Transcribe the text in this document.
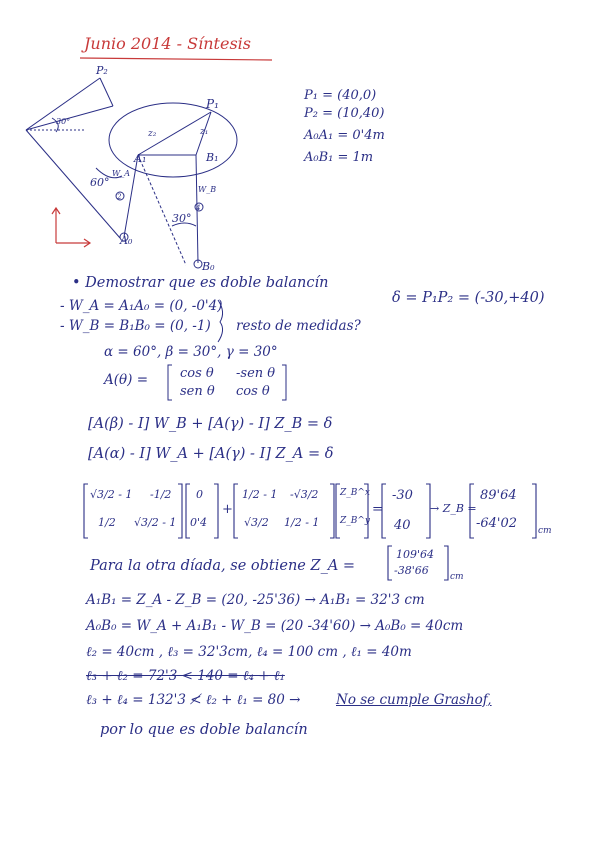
Junio 2014 - Síntesis
P₂
P₁
z₂	z₁
A₁	B₁
W_A
W_B
A₀
B₀
30°
60°
30°
2
4
P₁ = (40,0)
P₂ = (10,40)
A₀A₁ = 0'4m
A₀B₁ = 1m
• Demostrar que es doble balancín
δ = P₁P₂ = (-30,+40)
- W_A = A₁A₀ = (0, -0'4)
- W_B = B₁B₀ = (0, -1) resto de medidas?
α = 60°, β = 30°, γ = 30°
A(θ) = cos θ -sen θ
sen θ cos θ
[A(β) - I] W_B + [A(γ) - I] Z_B = δ
[A(α) - I] W_A + [A(γ) - I] Z_A = δ
√3/2 - 1 -1/2
1/2 √3/2 - 1
0
0'4
+
1/2 - 1 -√3/2
√3/2 1/2 - 1
Z_B^x
Z_B^y
=
-30
40
→ Z_B =
89'64
-64'02 cm
Para la otra díada, se obtiene Z_A =
109'64
-38'66 cm
A₁B₁ = Z_A - Z_B = (20, -25'36) → A₁B₁ = 32'3 cm
A₀B₀ = W_A + A₁B₁ - W_B = (20 -34'60) → A₀B₀ = 40cm
ℓ₂ = 40cm , ℓ₃ = 32'3cm, ℓ₄ = 100 cm , ℓ₁ = 40m
ℓ₃ + ℓ₂ = 72'3 < 140 = ℓ₄ + ℓ₁
ℓ₃ + ℓ₄ = 132'3 ≮ ℓ₂ + ℓ₁ = 80 →	No se cumple Grashof,
por lo que es doble balancín
